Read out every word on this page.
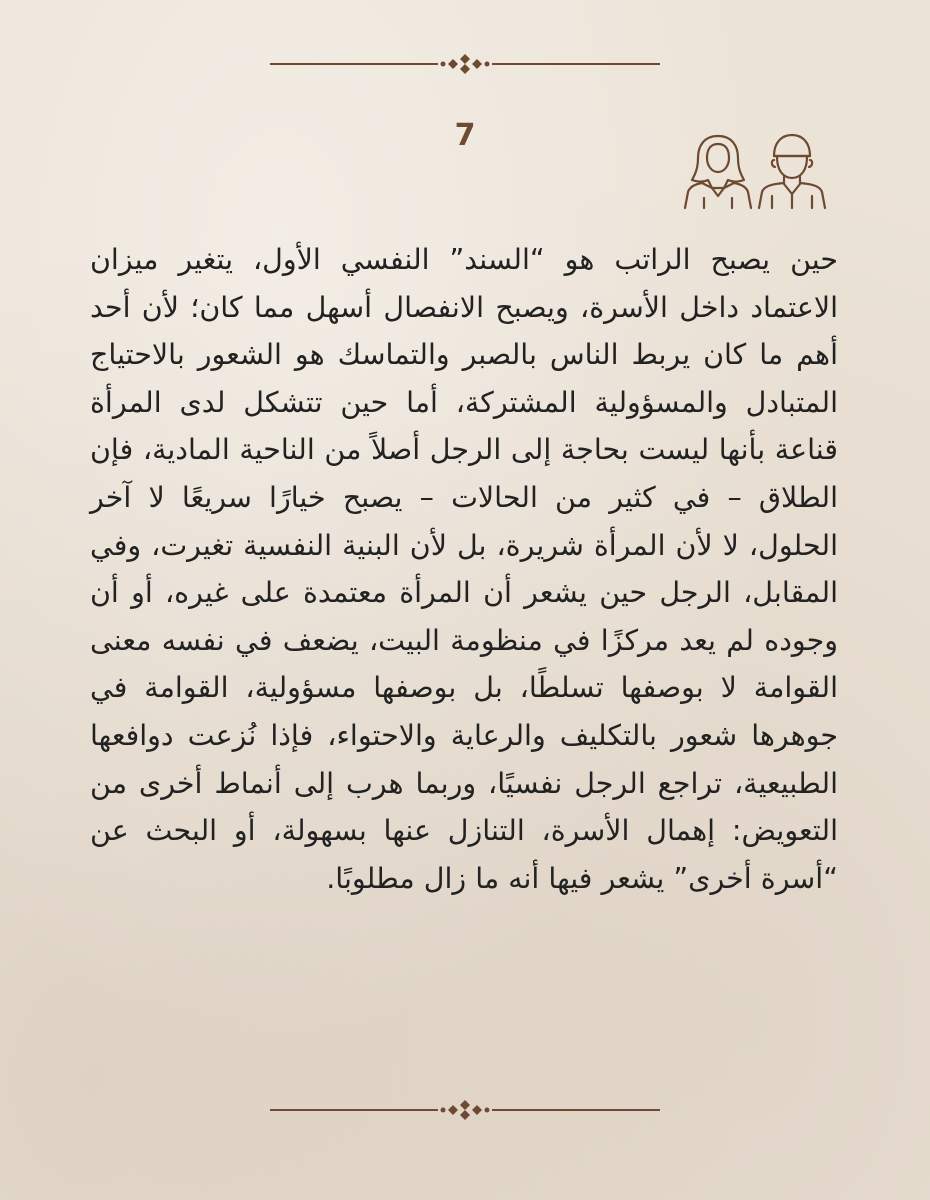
7

حين يصبح الراتب هو “السند” النفسي الأول، يتغير ميزان الاعتماد داخل الأسرة، ويصبح الانفصال أسهل مما كان؛ لأن أحد أهم ما كان يربط الناس بالصبر والتماسك هو الشعور بالاحتياج المتبادل والمسؤولية المشتركة، أما حين تتشكل لدى المرأة قناعة بأنها ليست بحاجة إلى الرجل أصلاً من الناحية المادية، فإن الطلاق – في كثير من الحالات – يصبح خيارًا سريعًا لا آخر الحلول، لا لأن المرأة شريرة، بل لأن البنية النفسية تغيرت، وفي المقابل، الرجل حين يشعر أن المرأة معتمدة على غيره، أو أن وجوده لم يعد مركزًا في منظومة البيت، يضعف في نفسه معنى القوامة لا بوصفها تسلطًا، بل بوصفها مسؤولية، القوامة في جوهرها شعور بالتكليف والرعاية والاحتواء، فإذا نُزعت دوافعها الطبيعية، تراجع الرجل نفسيًا، وربما هرب إلى أنماط أخرى من التعويض: إهمال الأسرة، التنازل عنها بسهولة، أو البحث عن “أسرة أخرى” يشعر فيها أنه ما زال مطلوبًا.
